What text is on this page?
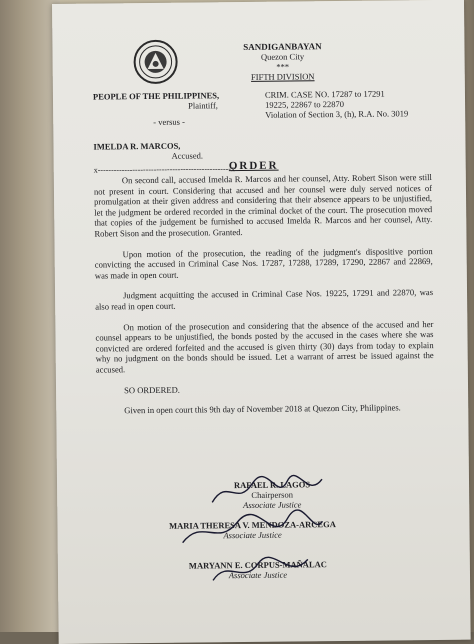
SANDIGANBAYAN
Quezon City
***
FIFTH DIVISION
PEOPLE OF THE PHILIPPINES,
Plaintiff,
- versus -
IMELDA R. MARCOS,
Accused.
x--------------------------------------------------x
CRIM. CASE NO. 17287 to 17291
19225, 22867 to 22870
Violation of Section 3, (h), R.A. No. 3019
ORDER

On second call, accused Imelda R. Marcos and her counsel, Atty. Robert Sison were still not present in court. Considering that accused and her counsel were duly served notices of promulgation at their given address and considering that their absence appears to be unjustified, let the judgment be ordered recorded in the criminal docket of the court. The prosecution moved that copies of the judgement be furnished to accused Imelda R. Marcos and her counsel, Atty. Robert Sison and the prosecution. Granted.

Upon motion of the prosecution, the reading of the judgment's dispositive portion convicting the accused in Criminal Case Nos. 17287, 17288, 17289, 17290, 22867 and 22869, was made in open court.

Judgment acquitting the accused in Criminal Case Nos. 19225, 17291 and 22870, was also read in open court.

On motion of the prosecution and considering that the absence of the accused and her counsel appears to be unjustified, the bonds posted by the accused in the cases where she was convicted are ordered forfeited and the accused is given thirty (30) days from today to explain why no judgment on the bonds should be issued. Let a warrant of arrest be issued against the accused.

SO ORDERED.

Given in open court this 9th day of November 2018 at Quezon City, Philippines.

RAFAEL R. LAGOS
Chairperson
Associate Justice
MARIA THERESA V. MENDOZA-ARCEGA
Associate Justice
MARYANN E. CORPUS-MAÑALAC
Associate Justice
